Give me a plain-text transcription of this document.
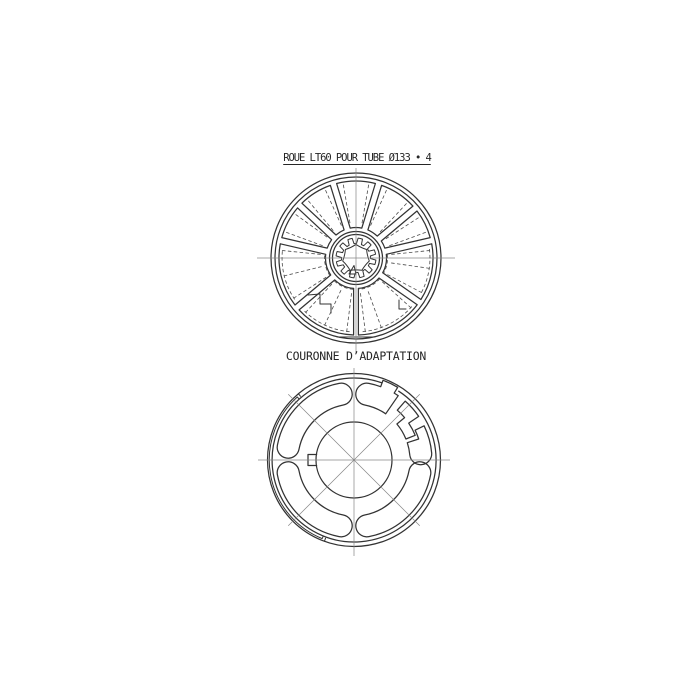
ROUE LT60 POUR TUBE Ø133 • 4
COURONNE D’ADAPTATION
